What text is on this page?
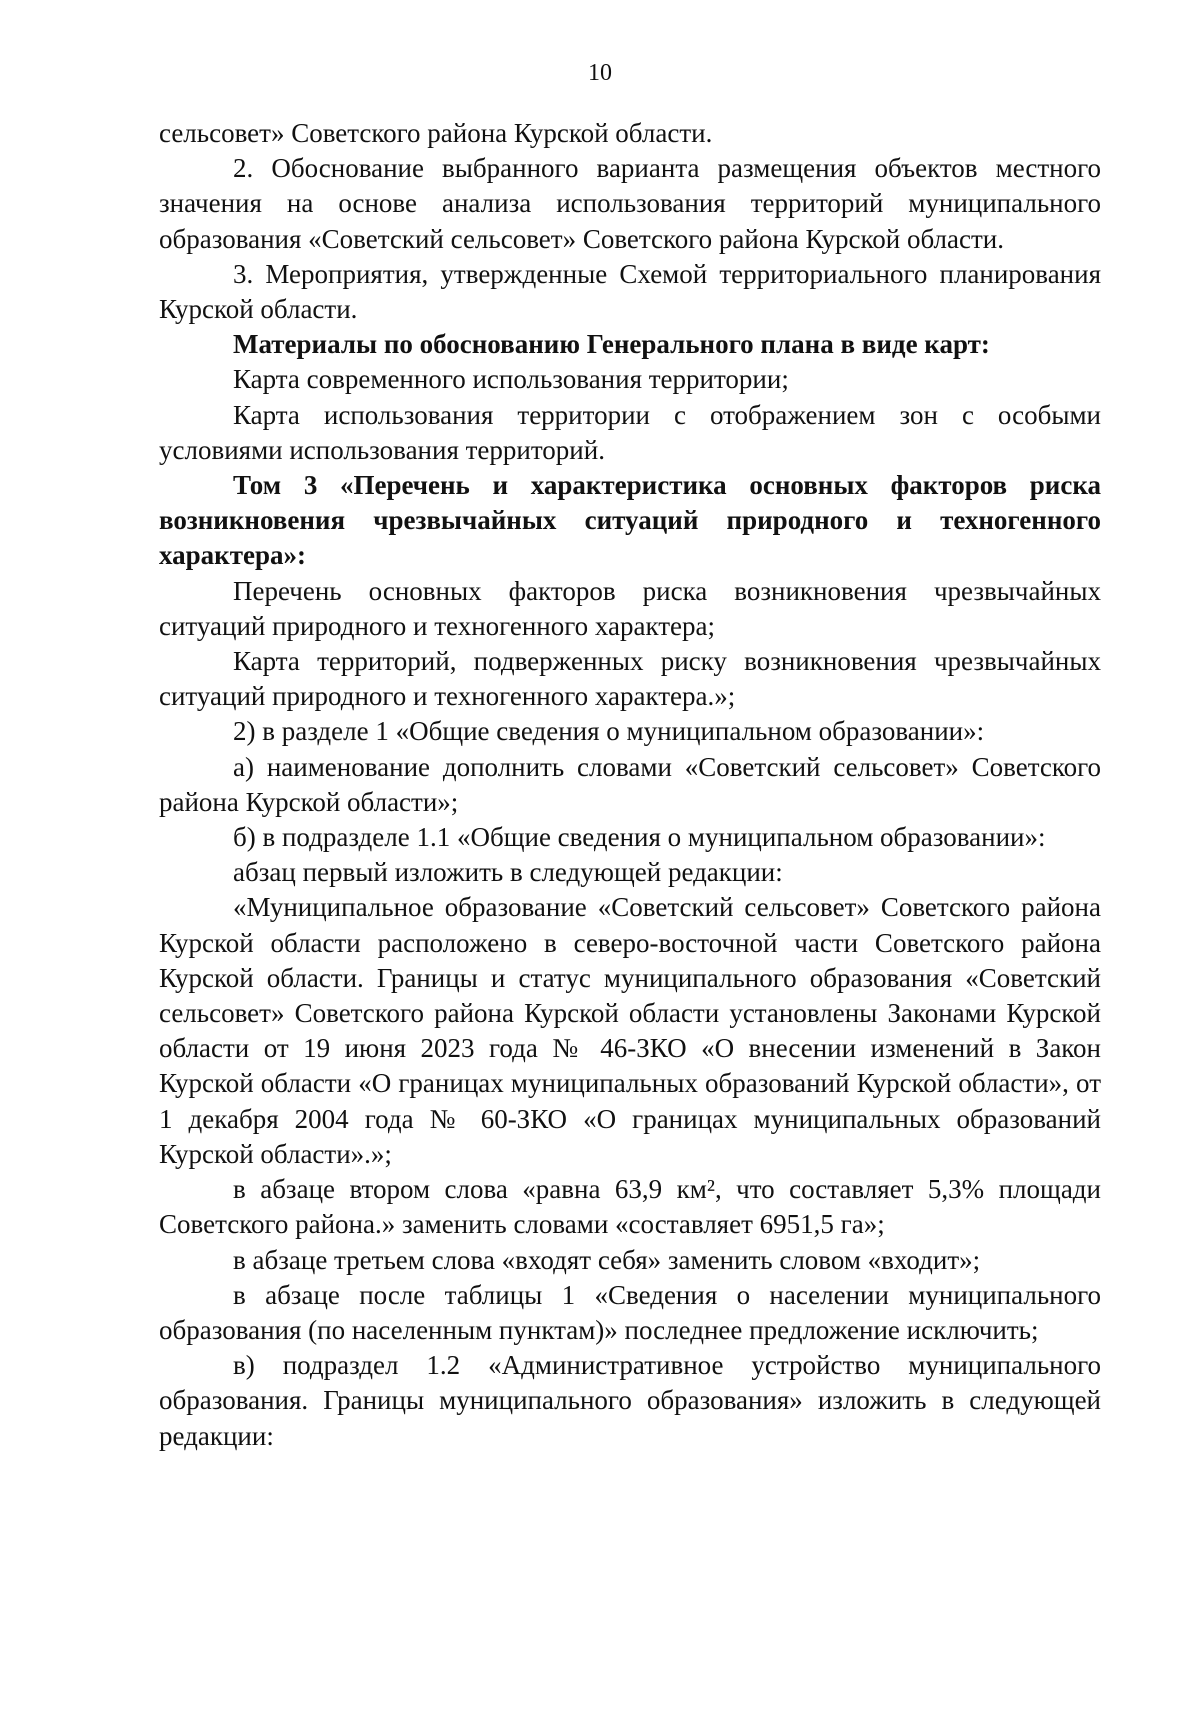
10

сельсовет» Советского района Курской области.

2. Обоснование выбранного варианта размещения объектов местного значения на основе анализа использования территорий муниципального образования «Советский сельсовет» Советского района Курской области.

3. Мероприятия, утвержденные Схемой территориального планирования Курской области.

Материалы по обоснованию Генерального плана в виде карт:

Карта современного использования территории;

Карта использования территории с отображением зон с особыми условиями использования территорий.

Том 3 «Перечень и характеристика основных факторов риска возникновения чрезвычайных ситуаций природного и техногенного характера»:

Перечень основных факторов риска возникновения чрезвычайных ситуаций природного и техногенного характера;

Карта территорий, подверженных риску возникновения чрезвычайных ситуаций природного и техногенного характера.»;

2) в разделе 1 «Общие сведения о муниципальном образовании»:

а) наименование дополнить словами «Советский сельсовет» Советского района Курской области»;

б) в подразделе 1.1 «Общие сведения о муниципальном образовании»:

абзац первый изложить в следующей редакции:

«Муниципальное образование «Советский сельсовет» Советского района Курской области расположено в северо-восточной части Советского района Курской области. Границы и статус муниципального образования «Советский сельсовет» Советского района Курской области установлены Законами Курской области от 19 июня 2023 года № 46-ЗКО «О внесении изменений в Закон Курской области «О границах муниципальных образований Курской области», от 1 декабря 2004 года № 60-ЗКО «О границах муниципальных образований Курской области».»;

в абзаце втором слова «равна 63,9 км², что составляет 5,3% площади Советского района.» заменить словами «составляет 6951,5 га»;

в абзаце третьем слова «входят себя» заменить словом «входит»;

в абзаце после таблицы 1 «Сведения о населении муниципального образования (по населенным пунктам)» последнее предложение исключить;

в) подраздел 1.2 «Административное устройство муниципального образования. Границы муниципального образования» изложить в следующей редакции:
